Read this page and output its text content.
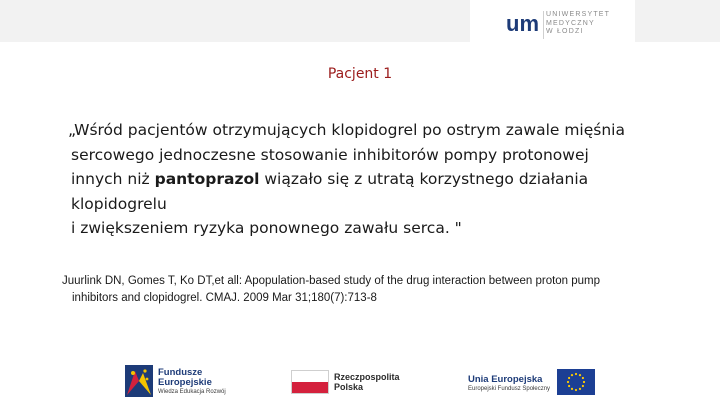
um UNIWERSYTET
MEDYCZNY
W ŁODZI
Pacjent 1
„Wśród pacjentów otrzymujących klopidogrel po ostrym zawale mięśnia
sercowego jednoczesne stosowanie inhibitorów pompy protonowej
innych niż pantoprazol wiązało się z utratą korzystnego działania
klopidogrelu
i zwiększeniem ryzyka ponownego zawału serca. "
Juurlink DN, Gomes T, Ko DT,et all: Apopulation-based study of the drug interaction between proton pump
inhibitors and clopidogrel. CMAJ. 2009 Mar 31;180(7):713-8
Fundusze
Europejskie
Wiedza Edukacja Rozwój
Rzeczpospolita
Polska
Unia Europejska
Europejski Fundusz Społeczny
